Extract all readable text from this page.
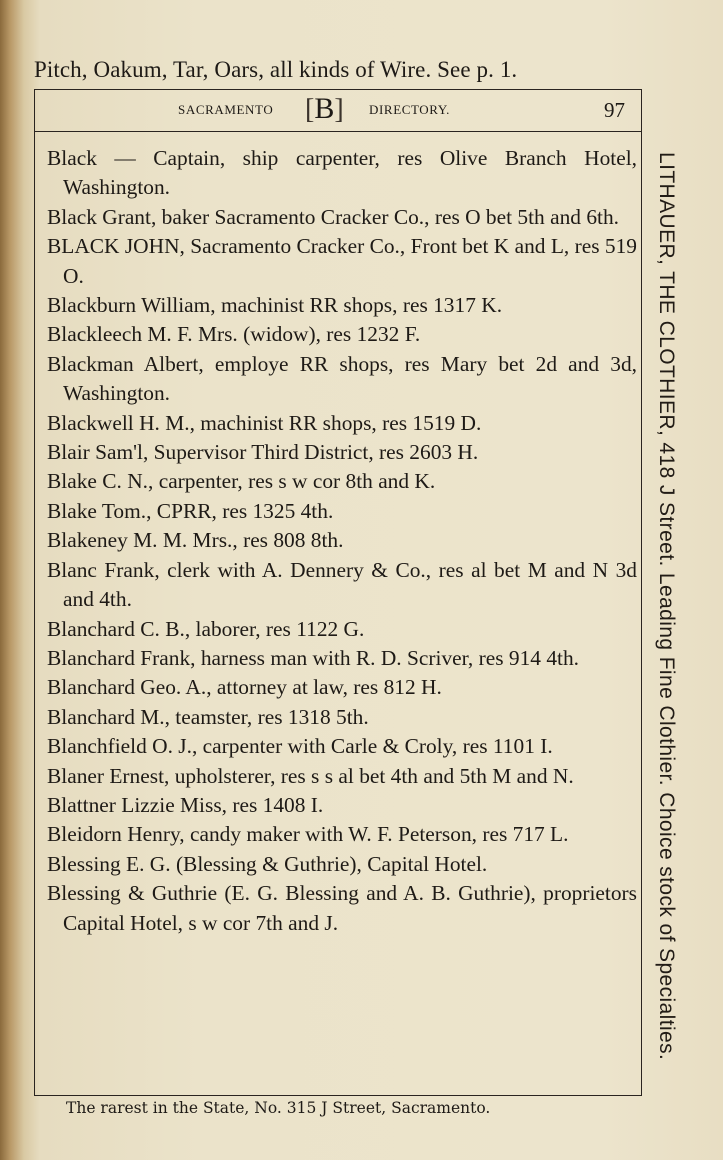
Pitch, Oakum, Tar, Oars, all kinds of Wire. See p. 1.
SACRAMENTO [B] DIRECTORY.	97

Black — Captain, ship carpenter, res Olive Branch Hotel, Washington.

Black Grant, baker Sacramento Cracker Co., res O bet 5th and 6th.

BLACK JOHN, Sacramento Cracker Co., Front bet K and L, res 519 O.

Blackburn William, machinist RR shops, res 1317 K.

Blackleech M. F. Mrs. (widow), res 1232 F.

Blackman Albert, employe RR shops, res Mary bet 2d and 3d, Washington.

Blackwell H. M., machinist RR shops, res 1519 D.

Blair Sam'l, Supervisor Third District, res 2603 H.

Blake C. N., carpenter, res s w cor 8th and K.

Blake Tom., CPRR, res 1325 4th.

Blakeney M. M. Mrs., res 808 8th.

Blanc Frank, clerk with A. Dennery & Co., res al bet M and N 3d and 4th.

Blanchard C. B., laborer, res 1122 G.

Blanchard Frank, harness man with R. D. Scriver, res 914 4th.

Blanchard Geo. A., attorney at law, res 812 H.

Blanchard M., teamster, res 1318 5th.

Blanchfield O. J., carpenter with Carle & Croly, res 1101 I.

Blaner Ernest, upholsterer, res s s al bet 4th and 5th M and N.

Blattner Lizzie Miss, res 1408 I.

Bleidorn Henry, candy maker with W. F. Peterson, res 717 L.

Blessing E. G. (Blessing & Guthrie), Capital Hotel.

Blessing & Guthrie (E. G. Blessing and A. B. Guthrie), proprietors Capital Hotel, s w cor 7th and J.	LITHAUER, THE CLOTHIER, 418 J Street. Leading Fine Clothier. Choice stock of Specialties.
The rarest in the State, No. 315 J Street, Sacramento.
